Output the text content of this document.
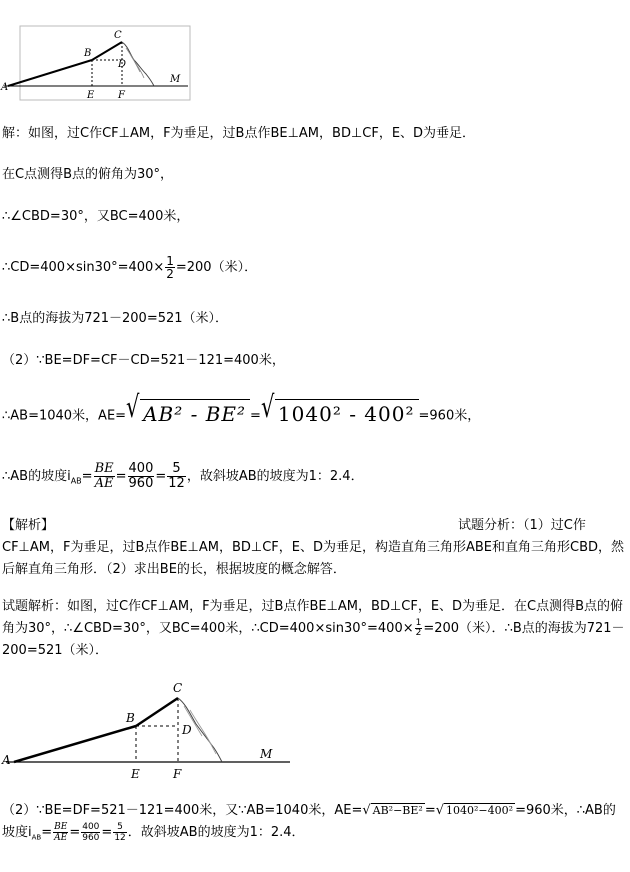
A
B
C
D
E F
M
解：如图，过C作CF⊥AM，F为垂足，过B点作BE⊥AM，BD⊥CF，E、D为垂足．
在C点测得B点的俯角为30°，
∴∠CBD=30°，又BC=400米，
∴CD=400×sin30°=400× $\frac{1}{2} =200$（米）．
∴B点的海拔为721－200=521（米）．
（2）∵BE=DF=CF－CD=521－121=400米，
∴AB=1040米，AE= √ AB² - BE² = √ 1040² - 400² =960米，
∴AB的坡度$i_{AB}= \frac{BE}{AE} = \frac{400}{960} = \frac{5}{12}$ ，故斜坡AB的坡度为1：2.4．
【解析】	试题分析：（1）过C作
CF⊥AM，F为垂足，过B点作BE⊥AM，BD⊥CF，E、D为垂足，构造直角三角形ABE和直角三角形CBD，然后解直角三角形．（2）求出BE的长，根据坡度的概念解答．
试题解析：如图，过C作CF⊥AM，F为垂足，过B点作BE⊥AM，BD⊥CF，E、D为垂足．在C点测得B点的俯角为30°，∴∠CBD=30°，又BC=400米，∴CD=400×sin30°=400× $\frac{1}{2} =200$（米）．∴B点的海拔为721－200=521（米）．
A
B
C
D
E	F
M
（2）∵BE=DF=521－121=400米，又∵AB=1040米，AE=√ AB²−BE² =√ 1040²−400² =960米，∴AB的坡度$i_{AB}= \frac{BE}{AE} = \frac{400}{960} = \frac{5}{12}$ ．故斜坡AB的坡度为1：2.4．
